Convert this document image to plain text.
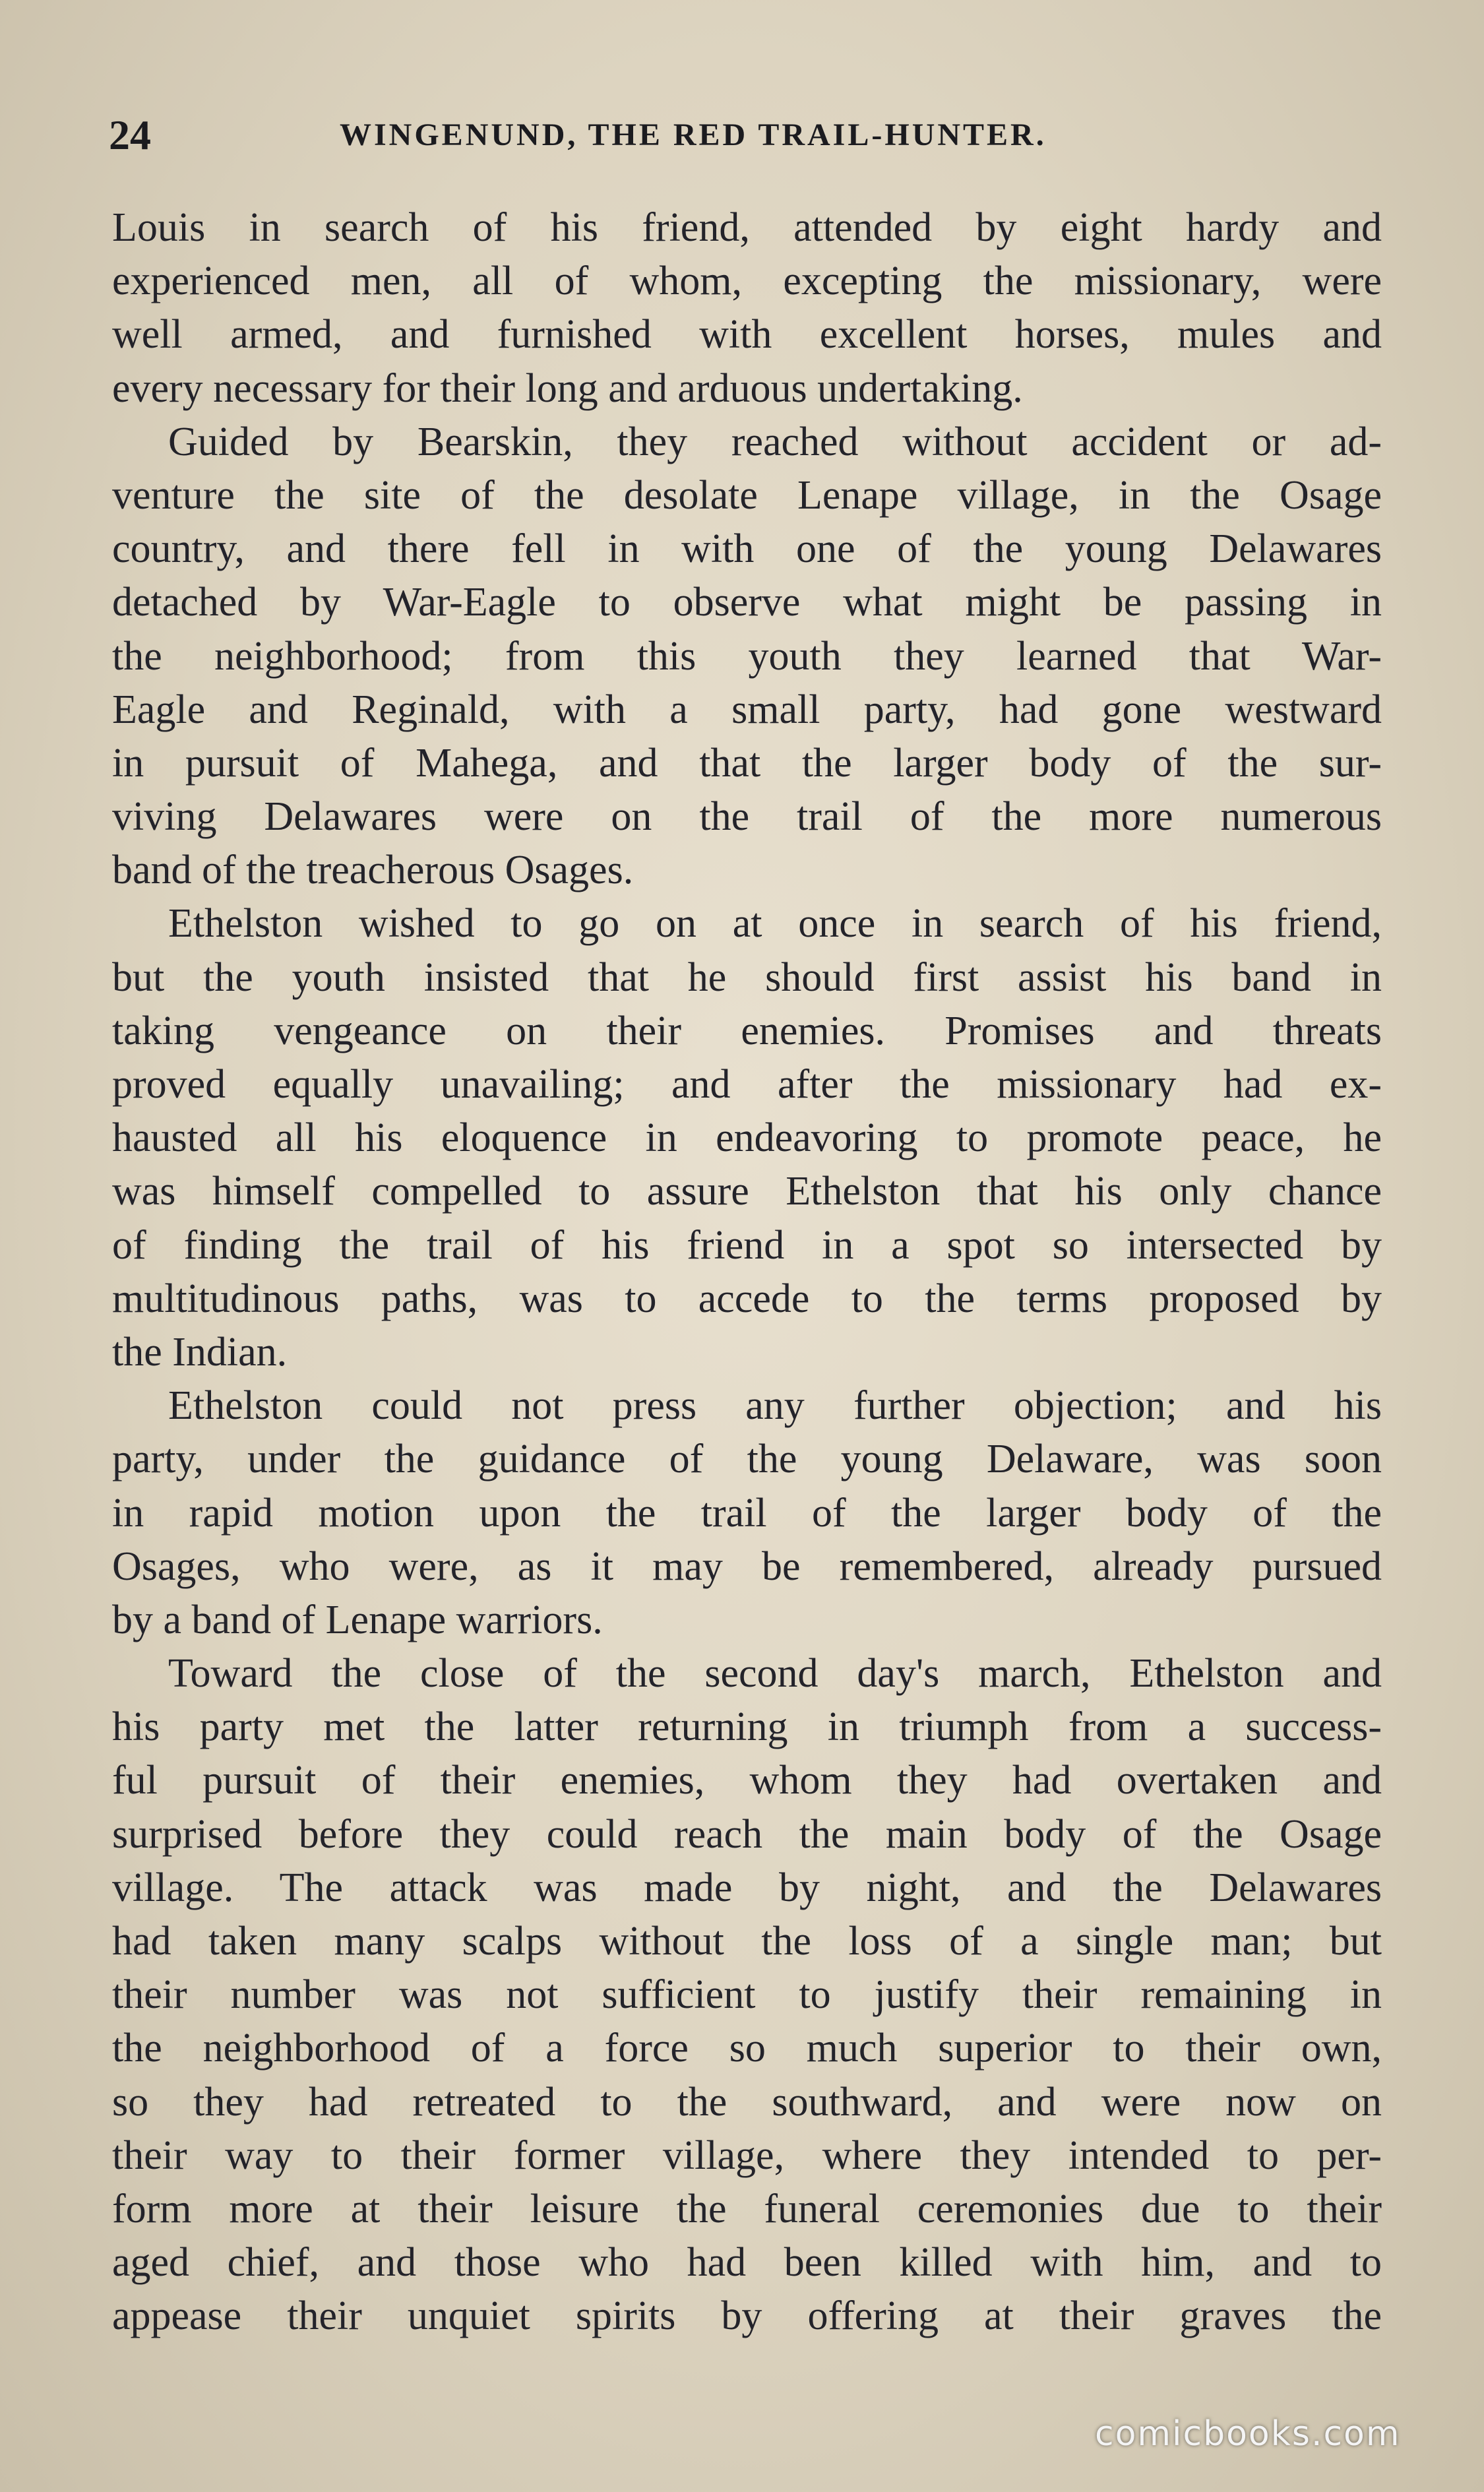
24	WINGENUND, THE RED TRAIL-HUNTER.
Louis in search of his friend, attended by eight hardy and
experienced men, all of whom, excepting the missionary, were
well armed, and furnished with excellent horses, mules and
every necessary for their long and arduous undertaking.
Guided by Bearskin, they reached without accident or ad-
venture the site of the desolate Lenape village, in the Osage
country, and there fell in with one of the young Delawares
detached by War-Eagle to observe what might be passing in
the neighborhood; from this youth they learned that War-
Eagle and Reginald, with a small party, had gone westward
in pursuit of Mahega, and that the larger body of the sur-
viving Delawares were on the trail of the more numerous
band of the treacherous Osages.
Ethelston wished to go on at once in search of his friend,
but the youth insisted that he should first assist his band in
taking vengeance on their enemies. Promises and threats
proved equally unavailing; and after the missionary had ex-
hausted all his eloquence in endeavoring to promote peace, he
was himself compelled to assure Ethelston that his only chance
of finding the trail of his friend in a spot so intersected by
multitudinous paths, was to accede to the terms proposed by
the Indian.
Ethelston could not press any further objection; and his
party, under the guidance of the young Delaware, was soon
in rapid motion upon the trail of the larger body of the
Osages, who were, as it may be remembered, already pursued
by a band of Lenape warriors.
Toward the close of the second day's march, Ethelston and
his party met the latter returning in triumph from a success-
ful pursuit of their enemies, whom they had overtaken and
surprised before they could reach the main body of the Osage
village. The attack was made by night, and the Delawares
had taken many scalps without the loss of a single man; but
their number was not sufficient to justify their remaining in
the neighborhood of a force so much superior to their own,
so they had retreated to the southward, and were now on
their way to their former village, where they intended to per-
form more at their leisure the funeral ceremonies due to their
aged chief, and those who had been killed with him, and to
appease their unquiet spirits by offering at their graves the
comicbooks.com
